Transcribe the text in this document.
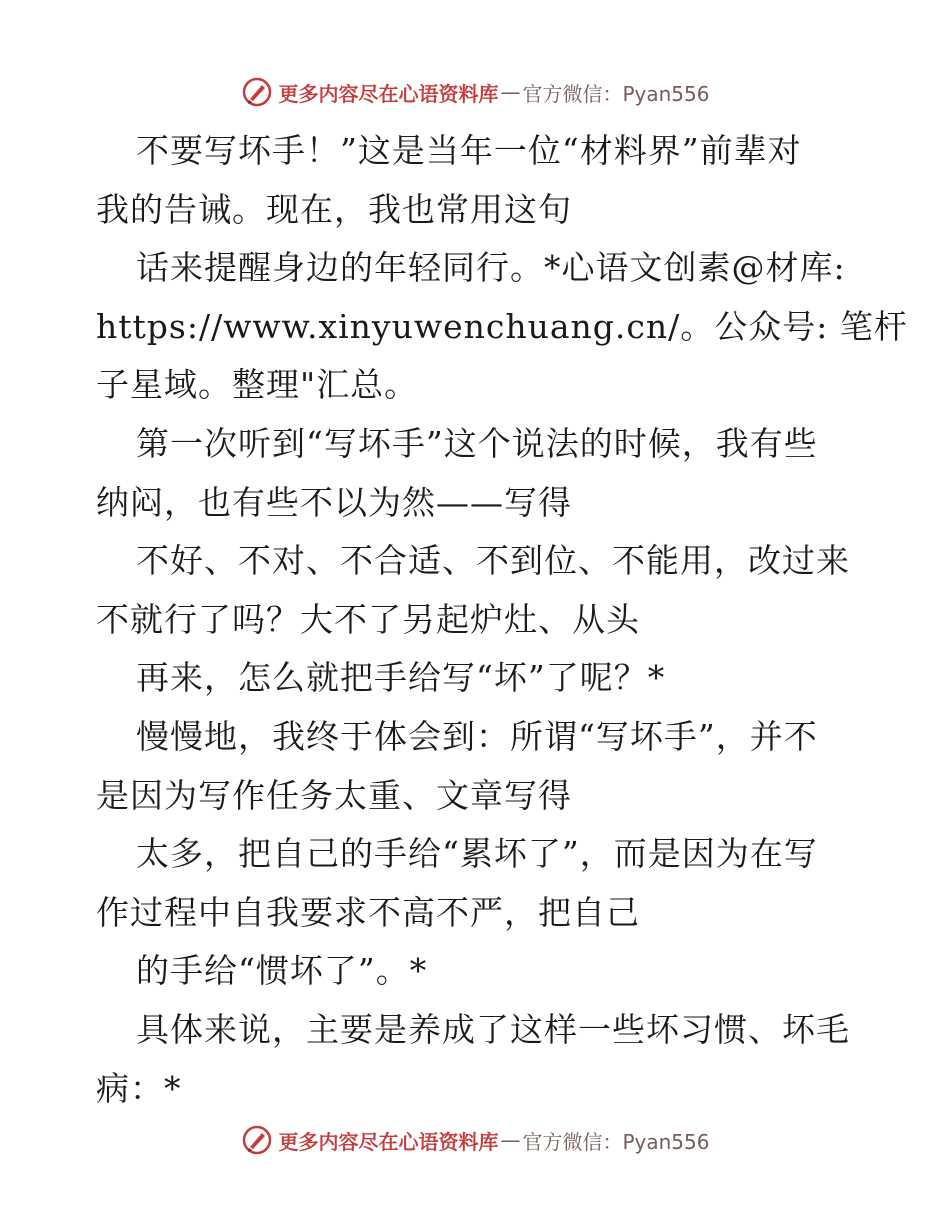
更多内容尽在心语资料库 — 官方微信：Pyan556
不要写坏手！”这是当年一位“材料界”前辈对
我的告诫。现在，我也常用这句
话来提醒身边的年轻同行。*心语文创素@材库:
https://www.xinyuwenchuang.cn/。公众号: 笔杆
子星域。整理"汇总。
第一次听到“写坏手”这个说法的时候，我有些
纳闷，也有些不以为然——写得
不好、不对、不合适、不到位、不能用，改过来
不就行了吗？大不了另起炉灶、从头
再来，怎么就把手给写“坏”了呢？*
慢慢地，我终于体会到：所谓“写坏手”，并不
是因为写作任务太重、文章写得
太多，把自己的手给“累坏了”，而是因为在写
作过程中自我要求不高不严，把自己
的手给“惯坏了”。*
具体来说，主要是养成了这样一些坏习惯、坏毛
病：*
更多内容尽在心语资料库 — 官方微信：Pyan556
